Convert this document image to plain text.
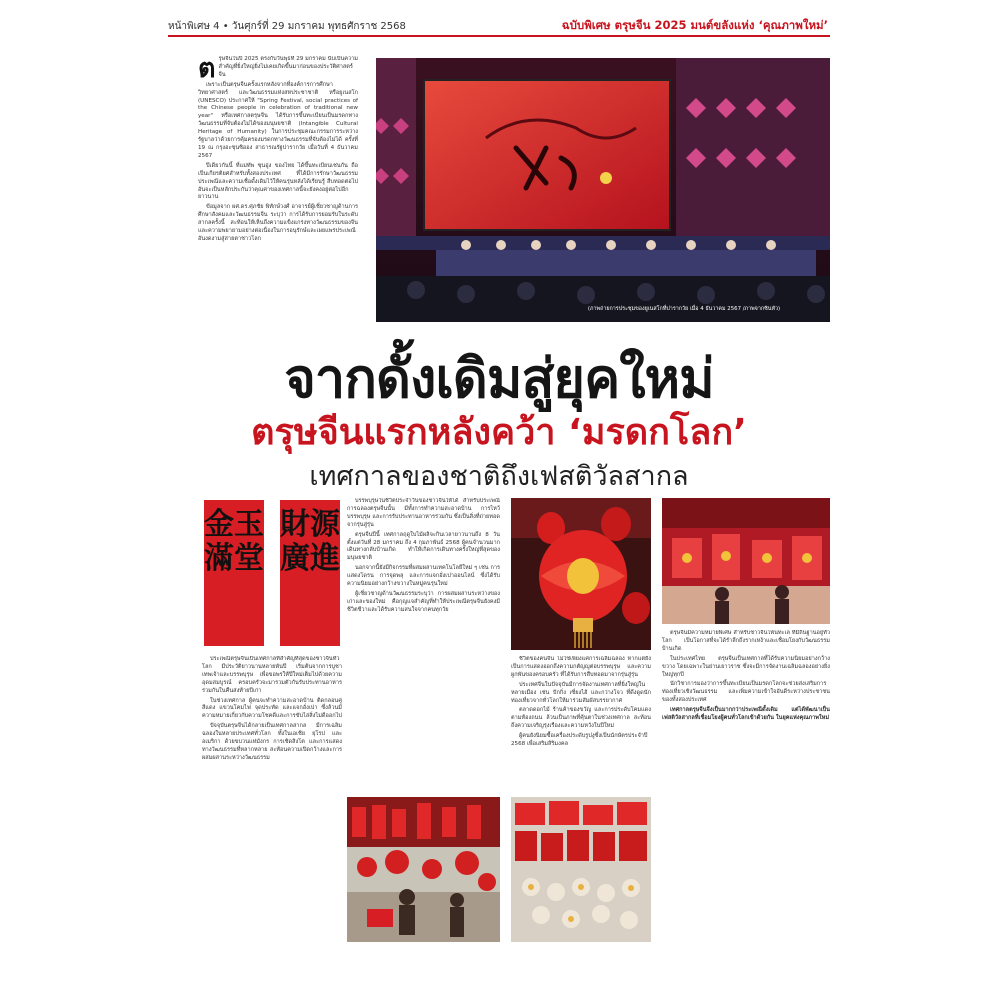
หน้าพิเศษ 4 • วันศุกร์ที่ 29 มกราคม พุทธศักราช 2568	ฉบับพิเศษ ตรุษจีน 2025 มนต์ขลังแห่ง ‘คุณภาพใหม่’
ต รุษจีนในปี 2025 ตรงกับวันพุธที่ 29 มกราคม นับเป็นความสำคัญที่ยิ่งใหญ่ยิ่งไม่เคยเกิดขึ้นมาก่อนของประวัติศาสตร์จีน

เพราะเป็นตรุษจีนครั้งแรกหลังจากที่องค์การการศึกษา วิทยาศาสตร์ และวัฒนธรรมแห่งสหประชาชาติ หรือยูเนสโก (UNESCO) ประกาศให้ "Spring Festival, social practices of the Chinese people in celebration of traditional new year" หรือเทศกาลตรุษจีน ได้รับการขึ้นทะเบียนเป็นมรดกทางวัฒนธรรมที่จับต้องไม่ได้ของมนุษยชาติ (Intangible Cultural Heritage of Humanity) ในการประชุมคณะกรรมการระหว่างรัฐบาลว่าด้วยการคุ้มครองมรดกทางวัฒนธรรมที่จับต้องไม่ได้ ครั้งที่ 19 ณ กรุงอะซุนซิออง สาธารณรัฐปารากวัย เมื่อวันที่ 4 ธันวาคม 2567

ปีเดียวกันนี้ ที่แม่ทัพ ซุนอู่ง ของไทย ได้ขึ้นทะเบียนเช่นกัน ถือเป็นเกียรติยศสำหรับทั้งสองประเทศ ที่ได้มีการรักษาวัฒนธรรม ประเพณีและความเชื่อดั้งเดิมไว้ให้คนรุ่นหลังได้เรียนรู้ สืบทอดต่อไป อันจะเป็นหลักประกันว่าคุณค่าของเทศกาลนี้จะยังคงอยู่ต่อไปอีกยาวนาน

ข้อมูลจาก ผศ.ดร.ศุภชัย พิทักษ์วงศ์ อาจารย์ผู้เชี่ยวชาญด้านการศึกษาสังคมและวัฒนธรรมจีน ระบุว่า การได้รับการยอมรับในระดับสากลครั้งนี้ สะท้อนให้เห็นถึงความแข็งแกร่งทางวัฒนธรรมของจีน และความพยายามอย่างต่อเนื่องในการอนุรักษ์และเผยแพร่ประเพณีอันงดงามสู่สายตาชาวโลก

(ภาพถ่ายการประชุมของยูเนสโกที่ปารากวัย เมื่อ 4 ธันวาคม 2567 /ภาพจากซินหัว)
จากดั้งเดิมสู่ยุคใหม่
ตรุษจีนแรกหลังคว้า ‘มรดกโลก’
เทศกาลของชาติถึงเฟสติวัลสากล
金玉滿堂
財源廣進

ประเพณีตรุษจีนเป็นเทศกาลที่สำคัญที่สุดของชาวจีนทั่วโลก มีประวัติยาวนานหลายพันปี เริ่มต้นจากการบูชาเทพเจ้าและบรรพบุรุษ เพื่อขอพรให้ปีใหม่เต็มไปด้วยความอุดมสมบูรณ์ ครอบครัวจะมารวมตัวกันรับประทานอาหารร่วมกันในคืนส่งท้ายปีเก่า

ในช่วงเทศกาล ผู้คนจะทำความสะอาดบ้าน ติดกลอนคู่สีแดง แขวนโคมไฟ จุดประทัด และแจกอั่งเปา ซึ่งล้วนมีความหมายเกี่ยวกับความโชคดีและการขับไล่สิ่งไม่ดีออกไป

ปัจจุบันตรุษจีนได้กลายเป็นเทศกาลสากล มีการเฉลิมฉลองในหลายประเทศทั่วโลก ทั้งในเอเชีย ยุโรป และอเมริกา ด้วยขบวนแห่มังกร การเชิดสิงโต และการแสดงทางวัฒนธรรมที่หลากหลาย สะท้อนความเปิดกว้างและการผสมผสานระหว่างวัฒนธรรม

บรรพบุรุษในชีวิตประจำวันของชาวจีนให้ได้ สำหรับประเพณีการฉลองตรุษจีนนั้น มีทั้งการทำความสะอาดบ้าน การไหว้บรรพบุรุษ และการรับประทานอาหารร่วมกัน ซึ่งเป็นสิ่งที่ถ่ายทอดจากรุ่นสู่รุ่น

ตรุษจีนปีนี้ เทศกาลฤดูใบไม้ผลิจะกินเวลายาวนานถึง 8 วัน ตั้งแต่วันที่ 28 มกราคม ถึง 4 กุมภาพันธ์ 2568 ผู้คนจำนวนมากเดินทางกลับบ้านเกิด ทำให้เกิดการเดินทางครั้งใหญ่ที่สุดของมนุษยชาติ

นอกจากนี้ยังมีกิจกรรมที่ผสมผสานเทคโนโลยีใหม่ ๆ เช่น การแสดงโดรน การจุดพลุ และการแจกอั่งเปาออนไลน์ ซึ่งได้รับความนิยมอย่างกว้างขวางในหมู่คนรุ่นใหม่

ผู้เชี่ยวชาญด้านวัฒนธรรมระบุว่า การผสมผสานระหว่างของเก่าและของใหม่ คือกุญแจสำคัญที่ทำให้ประเพณีตรุษจีนยังคงมีชีวิตชีวาและได้รับความสนใจจากคนทุกวัย

ชีวิตของคนจีน ไม่ใช่เพียงแค่การเฉลิมฉลอง หากแต่ยังเป็นการแสดงออกถึงความกตัญญูต่อบรรพบุรุษ และความผูกพันของครอบครัว ที่ได้รับการสืบทอดมาจากรุ่นสู่รุ่น

ประเทศจีนในปัจจุบันมีการจัดงานเทศกาลที่ยิ่งใหญ่ในหลายเมือง เช่น ปักกิ่ง เซี่ยงไฮ้ และกว่างโจว ที่ดึงดูดนักท่องเที่ยวจากทั่วโลกให้มาร่วมสัมผัสบรรยากาศ

ตลาดดอกไม้ ร้านค้าของขวัญ และการประดับโคมแดงตามท้องถนน ล้วนเป็นภาพที่คุ้นตาในช่วงเทศกาล สะท้อนถึงความเจริญรุ่งเรืองและความหวังในปีใหม่

ผู้คนยังนิยมซื้อเครื่องประดับรูปงูซึ่งเป็นนักษัตรประจำปี 2568 เพื่อเสริมสิริมงคล

ตรุษจีนมีความหมายพิเศษ สำหรับชาวจีนโพ้นทะเล ที่มีถิ่นฐานอยู่ทั่วโลก เป็นโอกาสที่จะได้รำลึกถึงรากเหง้าและเชื่อมโยงกับวัฒนธรรมบ้านเกิด

ในประเทศไทย ตรุษจีนเป็นเทศกาลที่ได้รับความนิยมอย่างกว้างขวาง โดยเฉพาะในย่านเยาวราช ซึ่งจะมีการจัดงานเฉลิมฉลองอย่างยิ่งใหญ่ทุกปี

นักวิชาการมองว่าการขึ้นทะเบียนเป็นมรดกโลกจะช่วยส่งเสริมการท่องเที่ยวเชิงวัฒนธรรม และเพิ่มความเข้าใจอันดีระหว่างประชาชนของทั้งสองประเทศ

เทศกาลตรุษจีนจึงเป็นมากกว่าประเพณีดั้งเดิม แต่ได้พัฒนาเป็นเฟสติวัลสากลที่เชื่อมโยงผู้คนทั่วโลกเข้าด้วยกัน ในยุคแห่งคุณภาพใหม่
